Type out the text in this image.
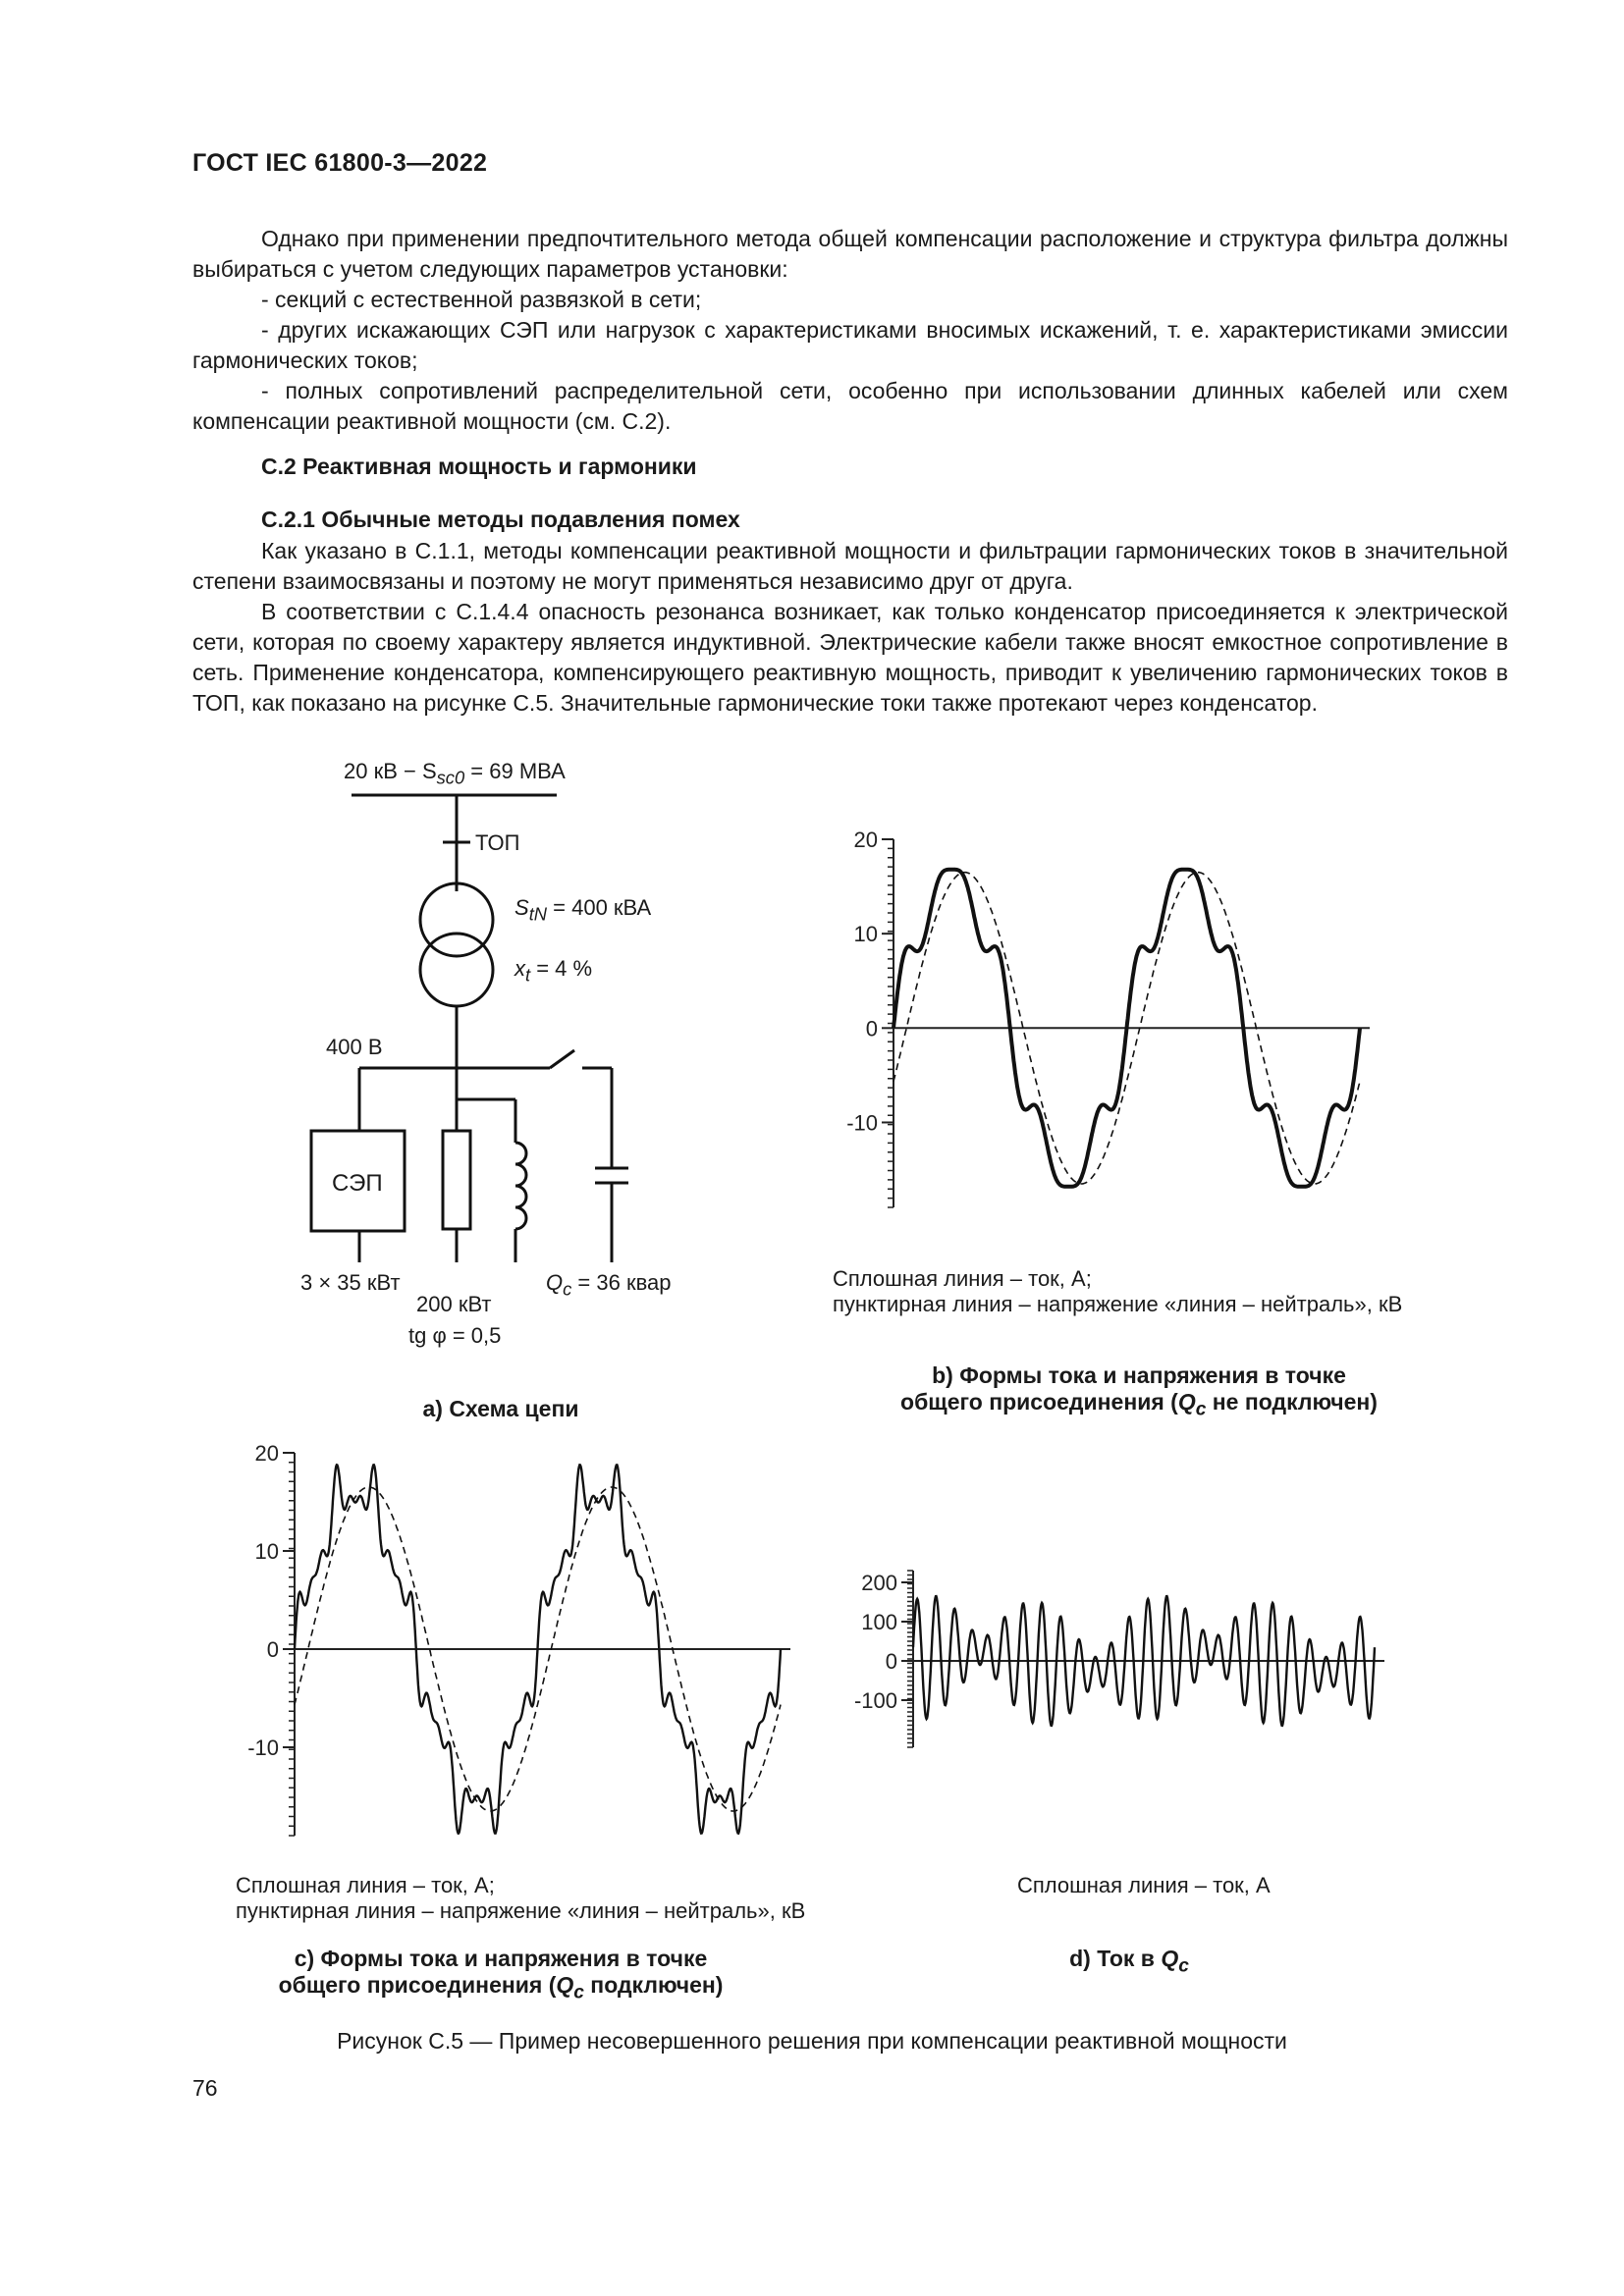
ГОСТ IEC 61800-3—2022

Однако при применении предпочтительного метода общей компенсации расположение и структура фильтра должны выбираться с учетом следующих параметров установки:

- секций с естественной развязкой в сети;

- других искажающих СЭП или нагрузок с характеристиками вносимых искажений, т. е. характеристиками эмиссии гармонических токов;

- полных сопротивлений распределительной сети, особенно при использовании длинных кабелей или схем компенсации реактивной мощности (см. С.2).

С.2 Реактивная мощность и гармоники
С.2.1 Обычные методы подавления помех

Как указано в С.1.1, методы компенсации реактивной мощности и фильтрации гармонических токов в значительной степени взаимосвязаны и поэтому не могут применяться независимо друг от друга.

В соответствии с С.1.4.4 опасность резонанса возникает, как только конденсатор присоединяется к электрической сети, которая по своему характеру является индуктивной. Электрические кабели также вносят емкостное сопротивление в сеть. Применение конденсатора, компенсирующего реактивную мощность, приводит к увеличению гармонических токов в ТОП, как показано на рисунке С.5. Значительные гармонические токи также протекают через конденсатор.

20 кВ − $S_{sc0} = 69$ МВА
ТОП
$S_{tN} = 400$ кВА
$x_t = 4$ %
400 В
СЭП
3 × 35 кВт
200 кВт
tg φ = 0,5
$Q_c = 36$ квар
a) Схема цепи
20
10
0
-10
Сплошная линия – ток, А;
пунктирная линия – напряжение «линия – нейтраль», кВ
b) Формы тока и напряжения в точке
общего присоединения ($Q_c$ не подключен)
20
10
0
-10
Сплошная линия – ток, А;
пунктирная линия – напряжение «линия – нейтраль», кВ
c) Формы тока и напряжения в точке
общего присоединения ($Q_c$ подключен)
200
100
0
-100
Сплошная линия – ток, А
d) Ток в $Q_c$
Рисунок С.5 — Пример несовершенного решения при компенсации реактивной мощности
76
